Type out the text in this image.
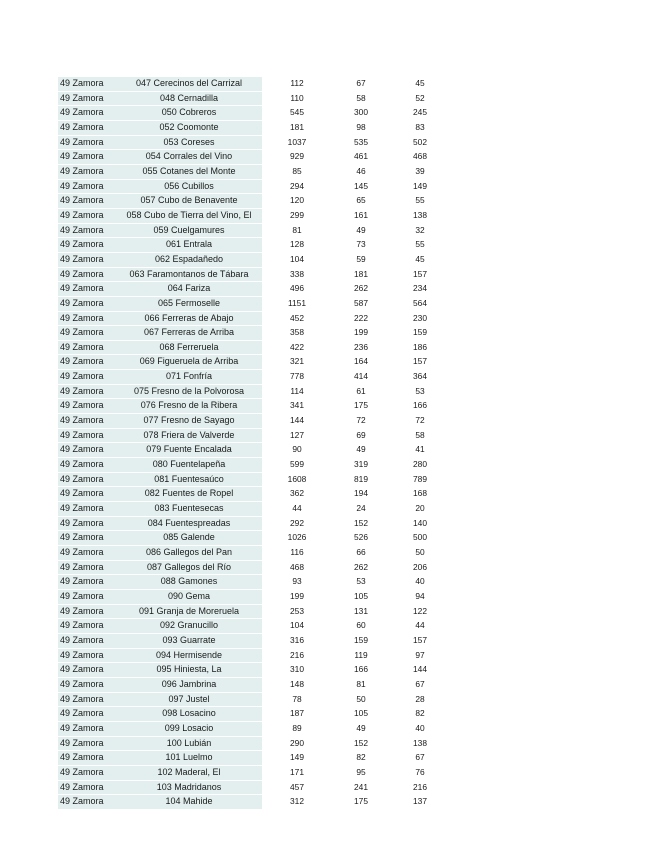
49 Zamora	047 Cerecinos del Carrizal	112	67	45
49 Zamora	048 Cernadilla	110	58	52
49 Zamora	050 Cobreros	545	300	245
49 Zamora	052 Coomonte	181	98	83
49 Zamora	053 Coreses	1037	535	502
49 Zamora	054 Corrales del Vino	929	461	468
49 Zamora	055 Cotanes del Monte	85	46	39
49 Zamora	056 Cubillos	294	145	149
49 Zamora	057 Cubo de Benavente	120	65	55
49 Zamora	058 Cubo de Tierra del Vino, El	299	161	138
49 Zamora	059 Cuelgamures	81	49	32
49 Zamora	061 Entrala	128	73	55
49 Zamora	062 Espadañedo	104	59	45
49 Zamora	063 Faramontanos de Tábara	338	181	157
49 Zamora	064 Fariza	496	262	234
49 Zamora	065 Fermoselle	1151	587	564
49 Zamora	066 Ferreras de Abajo	452	222	230
49 Zamora	067 Ferreras de Arriba	358	199	159
49 Zamora	068 Ferreruela	422	236	186
49 Zamora	069 Figueruela de Arriba	321	164	157
49 Zamora	071 Fonfría	778	414	364
49 Zamora	075 Fresno de la Polvorosa	114	61	53
49 Zamora	076 Fresno de la Ribera	341	175	166
49 Zamora	077 Fresno de Sayago	144	72	72
49 Zamora	078 Friera de Valverde	127	69	58
49 Zamora	079 Fuente Encalada	90	49	41
49 Zamora	080 Fuentelapeña	599	319	280
49 Zamora	081 Fuentesaúco	1608	819	789
49 Zamora	082 Fuentes de Ropel	362	194	168
49 Zamora	083 Fuentesecas	44	24	20
49 Zamora	084 Fuentespreadas	292	152	140
49 Zamora	085 Galende	1026	526	500
49 Zamora	086 Gallegos del Pan	116	66	50
49 Zamora	087 Gallegos del Río	468	262	206
49 Zamora	088 Gamones	93	53	40
49 Zamora	090 Gema	199	105	94
49 Zamora	091 Granja de Moreruela	253	131	122
49 Zamora	092 Granucillo	104	60	44
49 Zamora	093 Guarrate	316	159	157
49 Zamora	094 Hermisende	216	119	97
49 Zamora	095 Hiniesta, La	310	166	144
49 Zamora	096 Jambrina	148	81	67
49 Zamora	097 Justel	78	50	28
49 Zamora	098 Losacino	187	105	82
49 Zamora	099 Losacio	89	49	40
49 Zamora	100 Lubián	290	152	138
49 Zamora	101 Luelmo	149	82	67
49 Zamora	102 Maderal, El	171	95	76
49 Zamora	103 Madridanos	457	241	216
49 Zamora	104 Mahide	312	175	137
